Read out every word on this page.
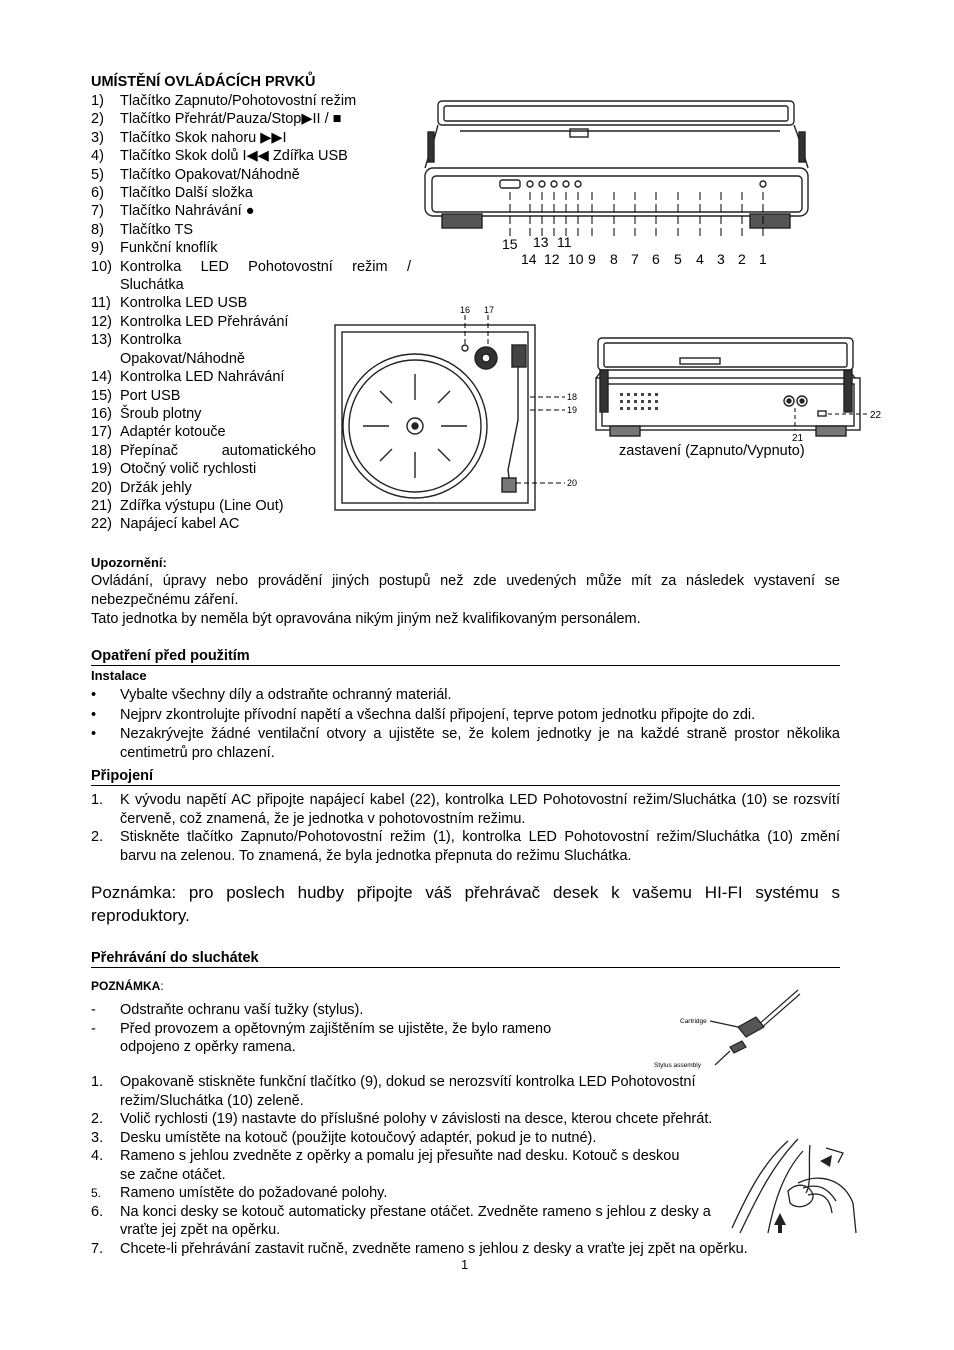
UMÍSTĚNÍ OVLÁDÁCÍCH PRVKŮ
1) Tlačítko Zapnuto/Pohotovostní režim
2) Tlačítko Přehrát/Pauza/Stop▶II / ■
3) Tlačítko Skok nahoru ▶▶I
4) Tlačítko Skok dolů I◀◀ Zdířka USB
5) Tlačítko Opakovat/Náhodně
6) Tlačítko Další složka
7) Tlačítko Nahrávání ●
8) Tlačítko TS
9) Funkční knoflík
10) Kontrolka LED Pohotovostní režim / Sluchátka
11) Kontrolka LED USB
12) Kontrolka LED Přehrávání
13) Kontrolka Opakovat/Náhodně
14) Kontrolka LED Nahrávání
15) Port USB
16) Šroub plotny
17) Adaptér kotouče
18) Přepínač automatického
19) Otočný volič rychlosti
20) Držák jehly
21) Zdířka výstupu (Line Out)
22) Napájecí kabel AC
zastavení (Zapnuto/Vypnuto)
15 13 11
14 12 10 9 8 7 6 5 4 3 2 1
16 17
18
19
20
21
22
Upozornění:
Ovládání, úpravy nebo provádění jiných postupů než zde uvedených může mít za následek vystavení se nebezpečnému záření.
Tato jednotka by neměla být opravována nikým jiným než kvalifikovaným personálem.
Opatření před použitím
Instalace
• Vybalte všechny díly a odstraňte ochranný materiál.
• Nejprv zkontrolujte přívodní napětí a všechna další připojení, teprve potom jednotku připojte do zdi.
• Nezakrývejte žádné ventilační otvory a ujistěte se, že kolem jednotky je na každé straně prostor několika centimetrů pro chlazení.
Připojení
1. K vývodu napětí AC připojte napájecí kabel (22), kontrolka LED Pohotovostní režim/Sluchátka (10) se rozsvítí červeně, což znamená, že je jednotka v pohotovostním režimu.
2. Stiskněte tlačítko Zapnuto/Pohotovostní režim (1), kontrolka LED Pohotovostní režim/Sluchátka (10) změní barvu na zelenou. To znamená, že byla jednotka přepnuta do režimu Sluchátka.
Poznámka: pro poslech hudby připojte váš přehrávač desek k vašemu HI-FI systému s reproduktory.
Přehrávání do sluchátek
POZNÁMKA:
- Odstraňte ochranu vaší tužky (stylus).
- Před provozem a opětovným zajištěním se ujistěte, že bylo rameno odpojeno z opěrky ramena.
Cartridge
Stylus assembly
1. Opakovaně stiskněte funkční tlačítko (9), dokud se nerozsvítí kontrolka LED Pohotovostní režim/Sluchátka (10) zeleně.
2. Volič rychlosti (19) nastavte do příslušné polohy v závislosti na desce, kterou chcete přehrát.
3. Desku umístěte na kotouč (použijte kotoučový adaptér, pokud je to nutné).
4. Rameno s jehlou zvedněte z opěrky a pomalu jej přesuňte nad desku. Kotouč s deskou se začne otáčet.
5. Rameno umístěte do požadované polohy.
6. Na konci desky se kotouč automaticky přestane otáčet. Zvedněte rameno s jehlou z desky a vraťte jej zpět na opěrku.
7. Chcete-li přehrávání zastavit ručně, zvedněte rameno s jehlou z desky a vraťte jej zpět na opěrku.
1
